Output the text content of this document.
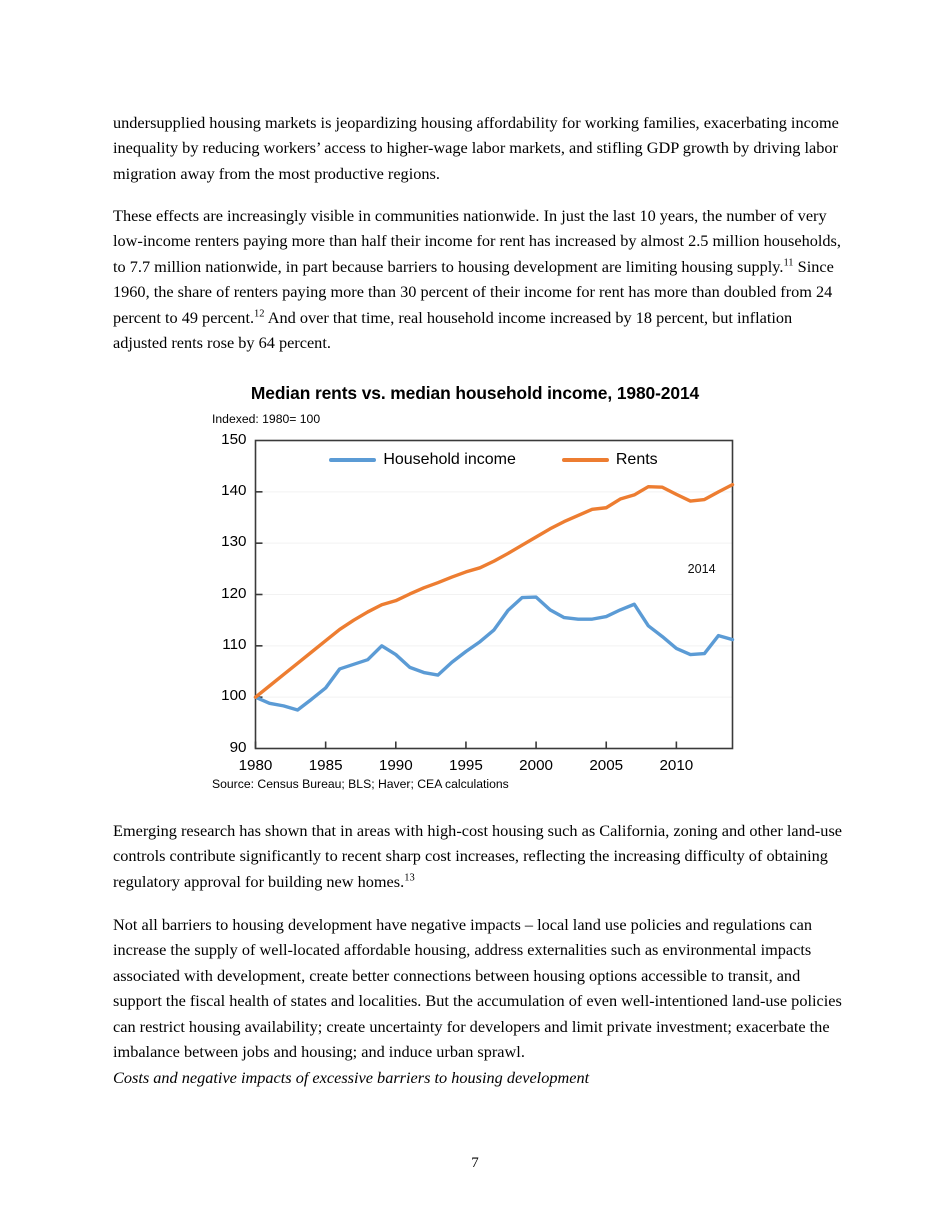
undersupplied housing markets is jeopardizing housing affordability for working families, exacerbating income inequality by reducing workers’ access to higher-wage labor markets, and stifling GDP growth by driving labor migration away from the most productive regions.
These effects are increasingly visible in communities nationwide. In just the last 10 years, the number of very low-income renters paying more than half their income for rent has increased by almost 2.5 million households, to 7.7 million nationwide, in part because barriers to housing development are limiting housing supply.$^{11}$ Since 1960, the share of renters paying more than 30 percent of their income for rent has more than doubled from 24 percent to 49 percent.$^{12}$ And over that time, real household income increased by 18 percent, but inflation adjusted rents rose by 64 percent.
Median rents vs. median household income, 1980-2014
Indexed: 1980= 100
90
100
110
120
130
140
150
1980	1985	1990	1995	2000	2005	2010
Household income	Rents
2014
Source: Census Bureau; BLS; Haver; CEA calculations
Emerging research has shown that in areas with high-cost housing such as California, zoning and other land-use controls contribute significantly to recent sharp cost increases, reflecting the increasing difficulty of obtaining regulatory approval for building new homes.$^{13}$
Not all barriers to housing development have negative impacts – local land use policies and regulations can increase the supply of well-located affordable housing, address externalities such as environmental impacts associated with development, create better connections between housing options accessible to transit, and support the fiscal health of states and localities. But the accumulation of even well-intentioned land-use policies can restrict housing availability; create uncertainty for developers and limit private investment; exacerbate the imbalance between jobs and housing; and induce urban sprawl.
Costs and negative impacts of excessive barriers to housing development
7
